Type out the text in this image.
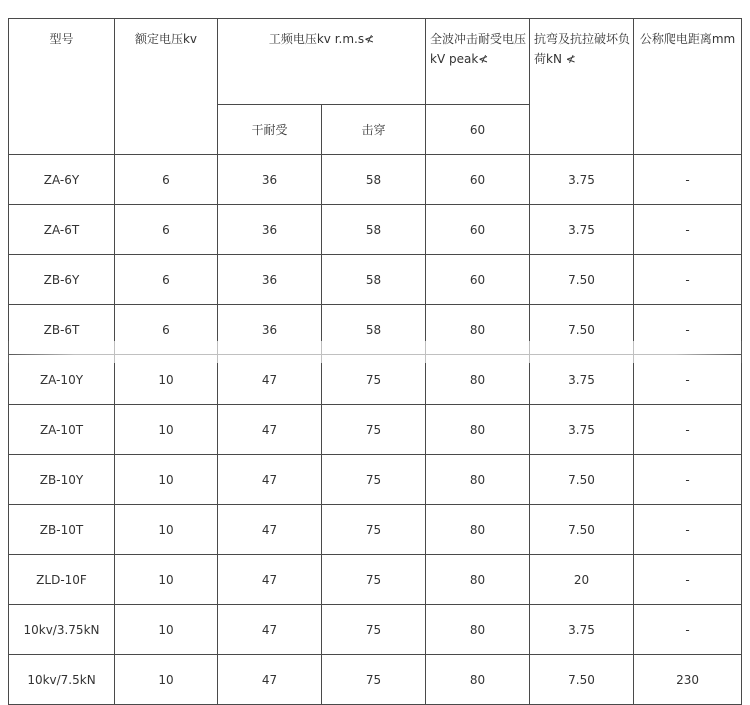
型号	额定电压kv	工频电压kv r.m.s≮		全波冲击耐受电压kV peak≮	抗弯及抗拉破坏负荷kN ≮	公称爬电距离mm
		干耐受	击穿	60		
ZA-6Y	6	36	58	60	3.75	-
ZA-6T	6	36	58	60	3.75	-
ZB-6Y	6	36	58	60	7.50	-
ZB-6T	6	36	58	80	7.50	-
ZA-10Y	10	47	75	80	3.75	-
ZA-10T	10	47	75	80	3.75	-
ZB-10Y	10	47	75	80	7.50	-
ZB-10T	10	47	75	80	7.50	-
ZLD-10F	10	47	75	80	20	-
10kv/3.75kN	10	47	75	80	3.75	-
10kv/7.5kN	10	47	75	80	7.50	230
